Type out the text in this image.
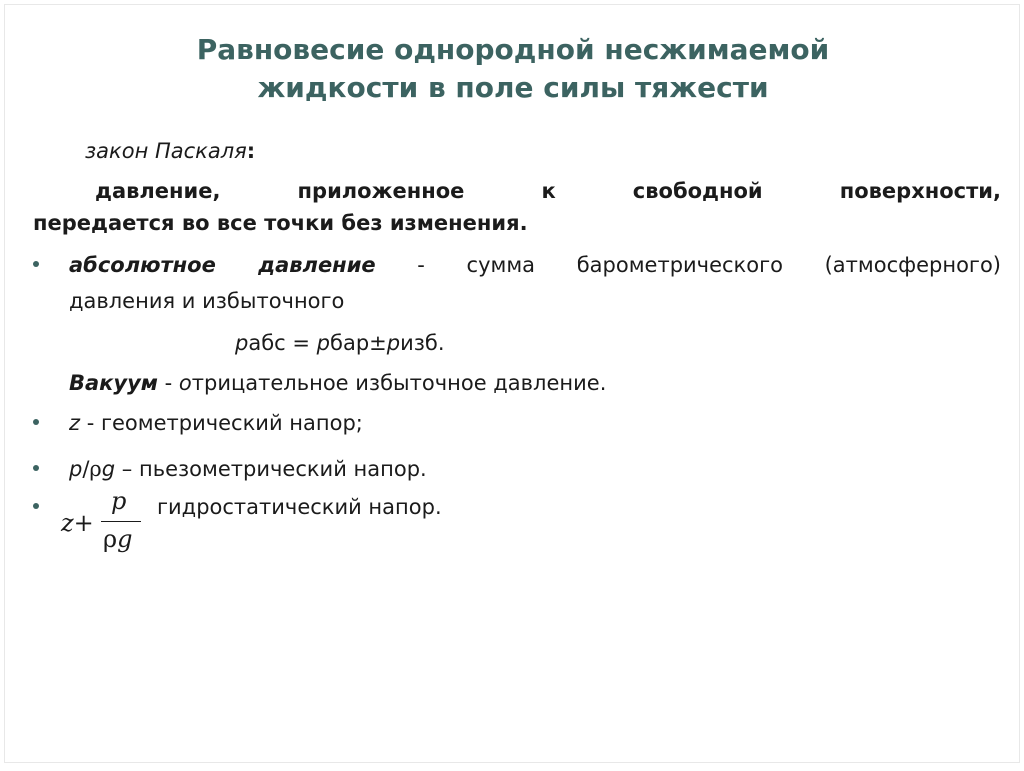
Равновесие однородной несжимаемой
жидкости в поле силы тяжести
закон Паскаля:
давление, приложенное к свободной поверхности,
передается во все точки без изменения.
абсолютное давление - сумма барометрического (атмосферного)
давления и избыточного
pабс = pбар±pизб.
Вакуум - отрицательное избыточное давление.
z - геометрический напор;
p/ρg – пьезометрический напор.
z+
p
ρg
гидростатический напор.
